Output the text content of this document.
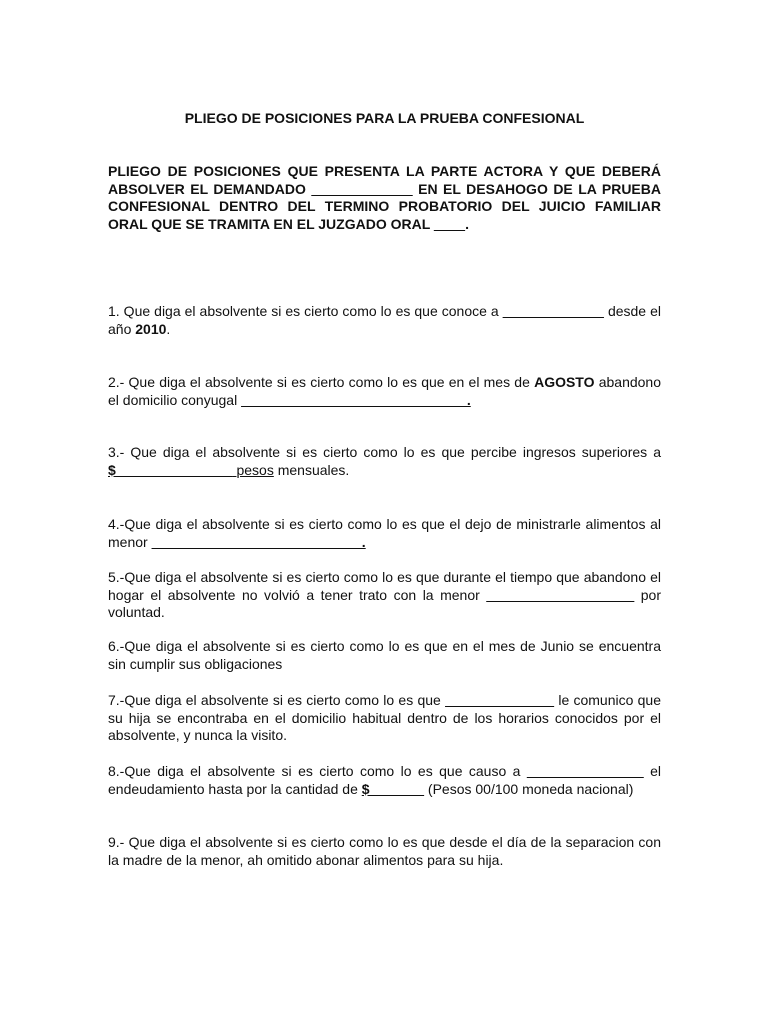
PLIEGO DE POSICIONES PARA LA PRUEBA CONFESIONAL
PLIEGO DE POSICIONES QUE PRESENTA LA PARTE ACTORA Y QUE DEBERÁ ABSOLVER EL DEMANDADO _____________ EN EL DESAHOGO DE LA PRUEBA CONFESIONAL DENTRO DEL TERMINO PROBATORIO DEL JUICIO FAMILIAR ORAL QUE SE TRAMITA EN EL JUZGADO ORAL ____.
1. Que diga el absolvente si es cierto como lo es que conoce a _____________ desde el año 2010.
2.- Que diga el absolvente si es cierto como lo es que en el mes de AGOSTO abandono el domicilio conyugal _____________________________.
3.- Que diga el absolvente si es cierto como lo es que percibe ingresos superiores a $_______________ pesos mensuales.
4.-Que diga el absolvente si es cierto como lo es que el dejo de ministrarle alimentos al menor ___________________________.
5.-Que diga el absolvente si es cierto como lo es que durante el tiempo que abandono el hogar el absolvente no volvió a tener trato con la menor ___________________ por voluntad.
6.-Que diga el absolvente si es cierto como lo es que en el mes de Junio se encuentra sin cumplir sus obligaciones
7.-Que diga el absolvente si es cierto como lo es que ______________ le comunico que su hija se encontraba en el domicilio habitual dentro de los horarios conocidos por el absolvente, y nunca la visito.
8.-Que diga el absolvente si es cierto como lo es que causo a _______________ el endeudamiento hasta por la cantidad de $_______ (Pesos 00/100 moneda nacional)
9.- Que diga el absolvente si es cierto como lo es que desde el día de la separacion con la madre de la menor, ah omitido abonar alimentos para su hija.
